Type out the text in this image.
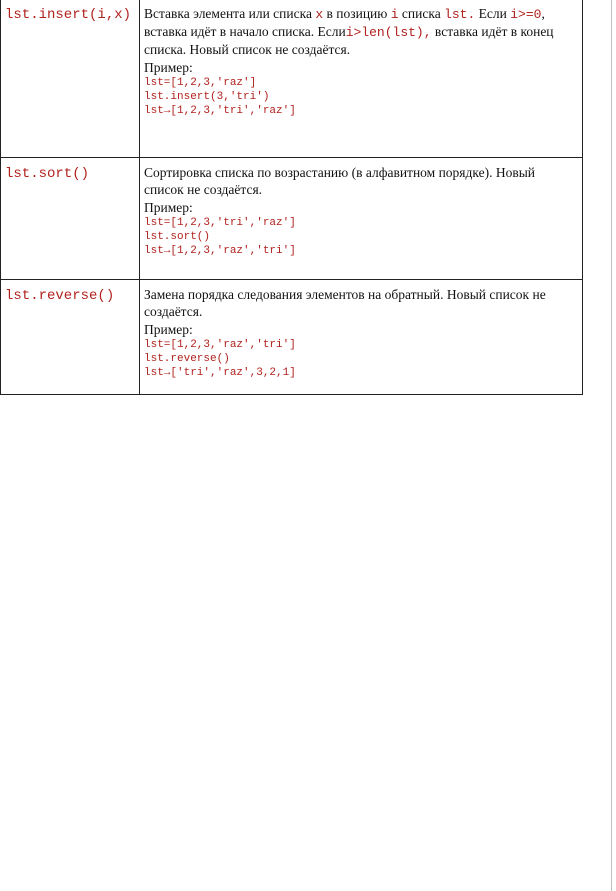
lst.insert(i,x)	Вставка элемента или списка x в позицию i списка lst. Если i>=0, вставка идёт в начало списка. Еслиi>len(lst), вставка идёт в конец списка. Новый список не создаётся.
Пример:
lst=[1,2,3,'raz']
lst.insert(3,'tri')
lst→[1,2,3,'tri','raz']

lst.sort()	Сортировка списка по возрастанию (в алфавитном порядке). Новый список не создаётся.
Пример:
lst=[1,2,3,'tri','raz']
lst.sort()
lst→[1,2,3,'raz','tri']

lst.reverse()	Замена порядка следования элементов на обратный. Новый список не создаётся.
Пример:
lst=[1,2,3,'raz','tri']
lst.reverse()
lst→['tri','raz',3,2,1]
